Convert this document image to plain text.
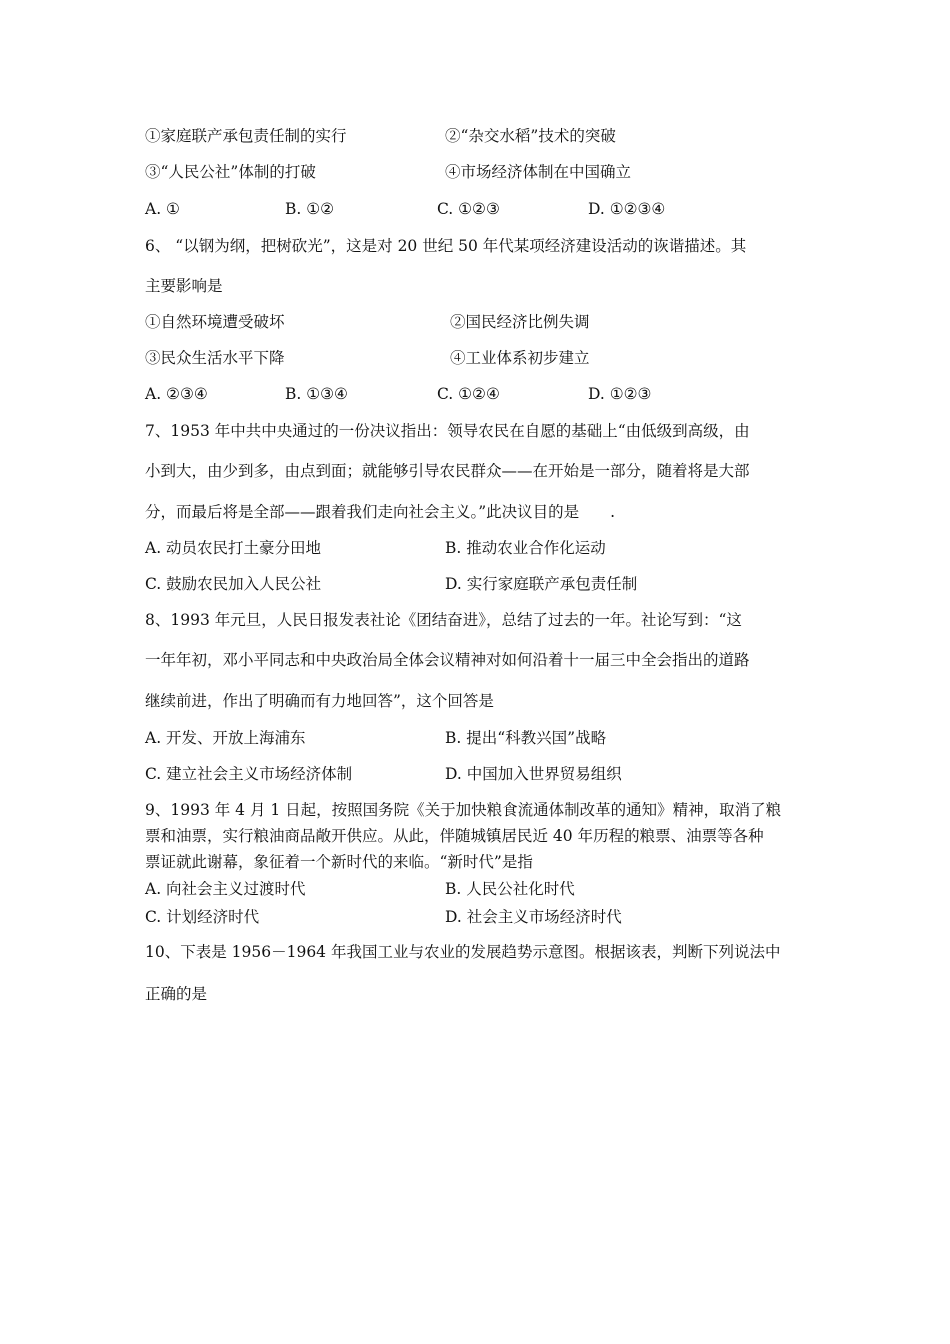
①家庭联产承包责任制的实行	②“杂交水稻”技术的突破
③“人民公社”体制的打破	④市场经济体制在中国确立
A. ①	B. ①②	C. ①②③	D. ①②③④
6、 “以钢为纲，把树砍光”，这是对 20 世纪 50 年代某项经济建设活动的诙谐描述。其
主要影响是
①自然环境遭受破坏	②国民经济比例失调
③民众生活水平下降	④工业体系初步建立
A. ②③④	B. ①③④	C. ①②④	D. ①②③
7、1953 年中共中央通过的一份决议指出：领导农民在自愿的基础上“由低级到高级，由
小到大，由少到多，由点到面；就能够引导农民群众——在开始是一部分，随着将是大部
分，而最后将是全部——跟着我们走向社会主义。”此决议目的是　　.
A. 动员农民打土豪分田地	B. 推动农业合作化运动
C. 鼓励农民加入人民公社	D. 实行家庭联产承包责任制
8、1993 年元旦，人民日报发表社论《团结奋进》，总结了过去的一年。社论写到：“这
一年年初，邓小平同志和中央政治局全体会议精神对如何沿着十一届三中全会指出的道路
继续前进，作出了明确而有力地回答”，这个回答是
A. 开发、开放上海浦东	B. 提出“科教兴国”战略
C. 建立社会主义市场经济体制	D. 中国加入世界贸易组织
9、1993 年 4 月 1 日起，按照国务院《关于加快粮食流通体制改革的通知》精神，取消了粮
票和油票，实行粮油商品敞开供应。从此，伴随城镇居民近 40 年历程的粮票、油票等各种
票证就此谢幕，象征着一个新时代的来临。“新时代”是指
A. 向社会主义过渡时代	B. 人民公社化时代
C. 计划经济时代	D. 社会主义市场经济时代
10、下表是 1956－1964 年我国工业与农业的发展趋势示意图。根据该表，判断下列说法中
正确的是
